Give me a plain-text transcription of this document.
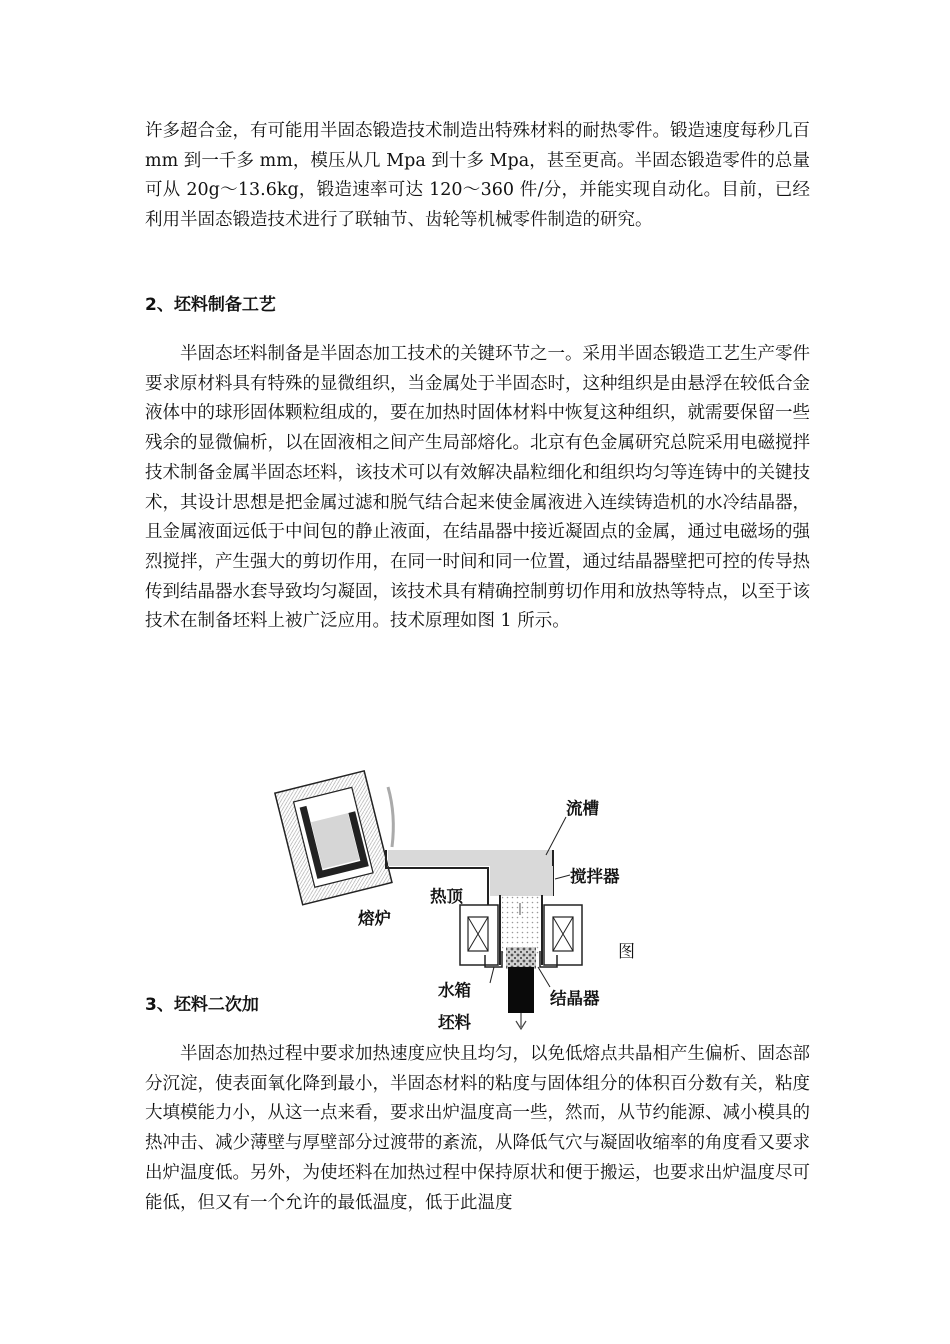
许多超合金，有可能用半固态锻造技术制造出特殊材料的耐热零件。锻造速度每秒几百 mm 到一千多 mm，模压从几 Mpa 到十多 Mpa，甚至更高。半固态锻造零件的总量可从 20g～13.6kg，锻造速率可达 120～360 件/分，并能实现自动化。目前，已经利用半固态锻造技术进行了联轴节、齿轮等机械零件制造的研究。

2、坯料制备工艺

半固态坯料制备是半固态加工技术的关键环节之一。采用半固态锻造工艺生产零件要求原材料具有特殊的显微组织，当金属处于半固态时，这种组织是由悬浮在较低合金液体中的球形固体颗粒组成的，要在加热时固体材料中恢复这种组织，就需要保留一些残余的显微偏析，以在固液相之间产生局部熔化。北京有色金属研究总院采用电磁搅拌技术制备金属半固态坯料，该技术可以有效解决晶粒细化和组织均匀等连铸中的关键技术，其设计思想是把金属过滤和脱气结合起来使金属液进入连续铸造机的水冷结晶器，且金属液面远低于中间包的静止液面，在结晶器中接近凝固点的金属，通过电磁场的强烈搅拌，产生强大的剪切作用，在同一时间和同一位置，通过结晶器壁把可控的传导热传到结晶器水套导致均匀凝固，该技术具有精确控制剪切作用和放热等特点，以至于该技术在制备坯料上被广泛应用。技术原理如图 1 所示。

流槽
搅拌器
热顶
熔炉
水箱	结晶器
坯料
图
3、坯料二次加

半固态加热过程中要求加热速度应快且均匀，以免低熔点共晶相产生偏析、固态部分沉淀，使表面氧化降到最小，半固态材料的粘度与固体组分的体积百分数有关，粘度大填模能力小，从这一点来看，要求出炉温度高一些，然而，从节约能源、减小模具的热冲击、减少薄壁与厚壁部分过渡带的紊流，从降低气穴与凝固收缩率的角度看又要求出炉温度低。另外，为使坯料在加热过程中保持原状和便于搬运，也要求出炉温度尽可能低，但又有一个允许的最低温度，低于此温度
